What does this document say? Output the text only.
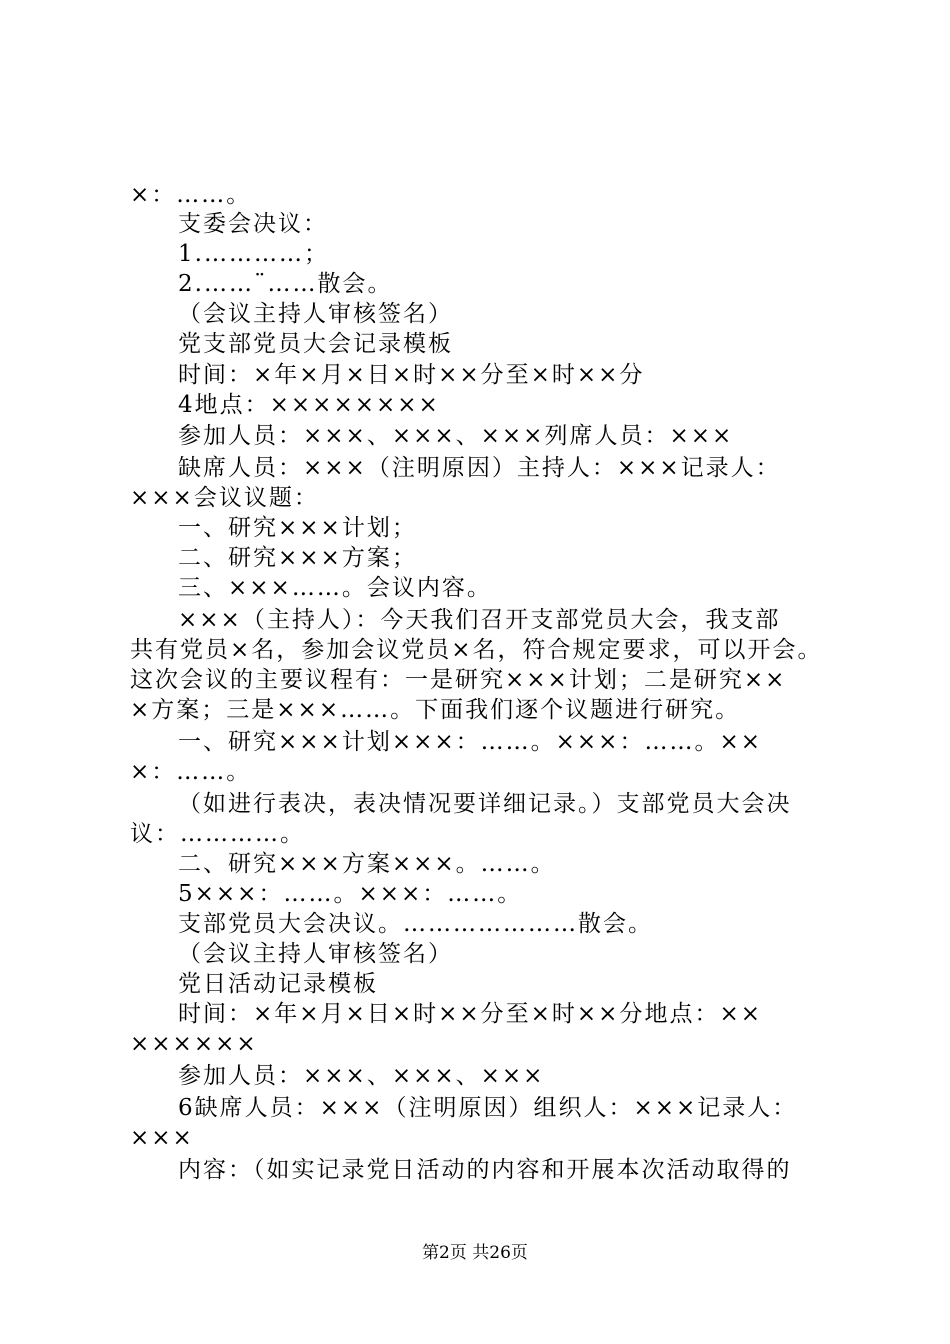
×：……。
支委会决议：
1.…………；
2.……¨……散会。
（会议主持人审核签名）
党支部党员大会记录模板
时间：×年×月×日×时××分至×时××分
4地点：××××××××
参加人员：×××、×××、×××列席人员：×××
缺席人员：×××（注明原因）主持人：×××记录人：
×××会议议题：
一、研究×××计划；
二、研究×××方案；
三、×××……。会议内容。
×××（主持人）：今天我们召开支部党员大会，我支部
共有党员×名，参加会议党员×名，符合规定要求，可以开会。
这次会议的主要议程有：一是研究×××计划；二是研究××
×方案；三是×××……。下面我们逐个议题进行研究。
一、研究×××计划×××：……。×××：……。××
×：……。
（如进行表决，表决情况要详细记录。）支部党员大会决
议：…………。
二、研究×××方案×××。……。
5×××：……。×××：……。
支部党员大会决议。…………………散会。
（会议主持人审核签名）
党日活动记录模板
时间：×年×月×日×时××分至×时××分地点：××
××××××
参加人员：×××、×××、×××
6缺席人员：×××（注明原因）组织人：×××记录人：
×××
内容：（如实记录党日活动的内容和开展本次活动取得的
第2页 共26页
